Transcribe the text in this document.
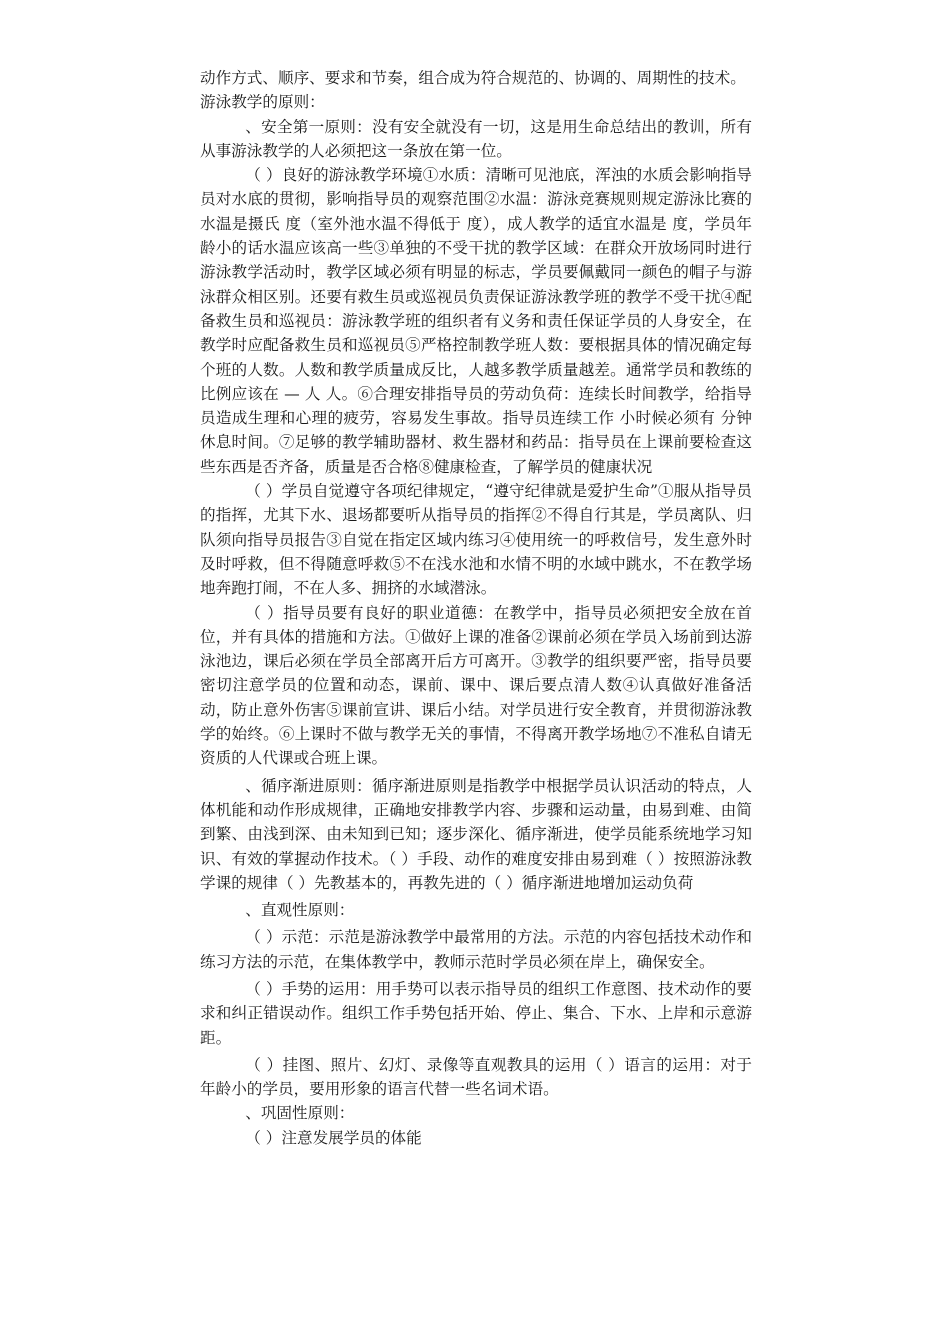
动作方式、顺序、要求和节奏，组合成为符合规范的、协调的、周期性的技术。

游泳教学的原则：

、安全第一原则：没有安全就没有一切，这是用生命总结出的教训，所有从事游泳教学的人必须把这一条放在第一位。

（ ）良好的游泳教学环境①水质：清晰可见池底，浑浊的水质会影响指导员对水底的贯彻，影响指导员的观察范围②水温：游泳竞赛规则规定游泳比赛的水温是摄氏 度（室外池水温不得低于 度），成人教学的适宜水温是 度，学员年龄小的话水温应该高一些③单独的不受干扰的教学区域：在群众开放场同时进行游泳教学活动时，教学区域必须有明显的标志，学员要佩戴同一颜色的帽子与游泳群众相区别。还要有救生员或巡视员负责保证游泳教学班的教学不受干扰④配备救生员和巡视员：游泳教学班的组织者有义务和责任保证学员的人身安全，在教学时应配备救生员和巡视员⑤严格控制教学班人数：要根据具体的情况确定每个班的人数。人数和教学质量成反比，人越多教学质量越差。通常学员和教练的比例应该在 — 人 人。⑥合理安排指导员的劳动负荷：连续长时间教学，给指导员造成生理和心理的疲劳，容易发生事故。指导员连续工作 小时候必须有 分钟休息时间。⑦足够的教学辅助器材、救生器材和药品：指导员在上课前要检查这些东西是否齐备，质量是否合格⑧健康检查，了解学员的健康状况

（ ）学员自觉遵守各项纪律规定，“遵守纪律就是爱护生命”①服从指导员的指挥，尤其下水、退场都要听从指导员的指挥②不得自行其是，学员离队、归队须向指导员报告③自觉在指定区域内练习④使用统一的呼救信号，发生意外时及时呼救，但不得随意呼救⑤不在浅水池和水情不明的水域中跳水，不在教学场地奔跑打闹，不在人多、拥挤的水域潜泳。

（ ）指导员要有良好的职业道德：在教学中，指导员必须把安全放在首位，并有具体的措施和方法。①做好上课的准备②课前必须在学员入场前到达游泳池边，课后必须在学员全部离开后方可离开。③教学的组织要严密，指导员要密切注意学员的位置和动态，课前、课中、课后要点清人数④认真做好准备活动，防止意外伤害⑤课前宣讲、课后小结。对学员进行安全教育，并贯彻游泳教学的始终。⑥上课时不做与教学无关的事情，不得离开教学场地⑦不准私自请无资质的人代课或合班上课。

、循序渐进原则：循序渐进原则是指教学中根据学员认识活动的特点，人体机能和动作形成规律，正确地安排教学内容、步骤和运动量，由易到难、由简到繁、由浅到深、由未知到已知；逐步深化、循序渐进，使学员能系统地学习知识、有效的掌握动作技术。（ ）手段、动作的难度安排由易到难（ ）按照游泳教学课的规律（ ）先教基本的，再教先进的（ ）循序渐进地增加运动负荷

、直观性原则：

（ ）示范：示范是游泳教学中最常用的方法。示范的内容包括技术动作和练习方法的示范，在集体教学中，教师示范时学员必须在岸上，确保安全。

（ ）手势的运用：用手势可以表示指导员的组织工作意图、技术动作的要求和纠正错误动作。组织工作手势包括开始、停止、集合、下水、上岸和示意游距。

（ ）挂图、照片、幻灯、录像等直观教具的运用（ ）语言的运用：对于年龄小的学员，要用形象的语言代替一些名词术语。

、巩固性原则：

（ ）注意发展学员的体能
